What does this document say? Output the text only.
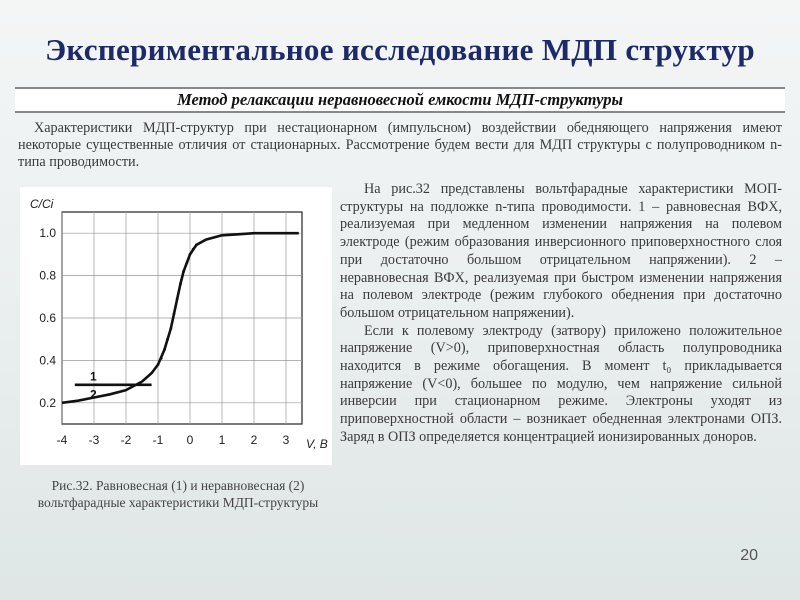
Экспериментальное исследование МДП структур
Метод релаксации неравновесной емкости МДП-структуры
Характеристики МДП-структур при нестационарном (импульсном) воздействии обедняющего напряжения имеют некоторые существенные отличия от стационарных. Рассмотрение будем вести для МДП структуры с полупроводником n-типа проводимости.
-4 -3 -2 -1 0 1 2 3
0.2
0.4
0.6
0.8
1.0
C/Ci
V, В
1
2
Рис.32. Равновесная (1) и неравновесная (2) вольтфарадные характеристики МДП-структуры

На рис.32 представлены вольтфарадные характеристики МОП-структуры на подложке n-типа проводимости. 1 – равновесная ВФХ, реализуемая при медленном изменении напряжения на полевом электроде (режим образования инверсионного приповерхностного слоя при достаточно большом отрицательном напряжении). 2 – неравновесная ВФХ, реализуемая при быстром изменении напряжения на полевом электроде (режим глубокого обеднения при достаточно большом отрицательном напряжении).

Если к полевому электроду (затвору) приложено положительное напряжение (V>0), приповерхностная область полупроводника находится в режиме обогащения. В момент t₀ прикладывается напряжение (V<0), большее по модулю, чем напряжение сильной инверсии при стационарном режиме. Электроны уходят из приповерхностной области – возникает обедненная электронами ОПЗ. Заряд в ОПЗ определяется концентрацией ионизированных доноров.

20
